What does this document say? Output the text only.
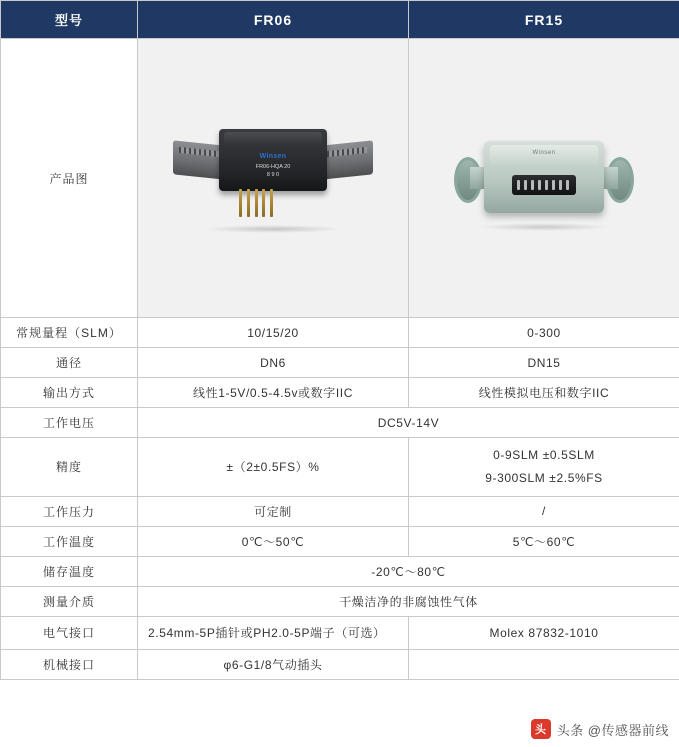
型号	FR06	FR15
产品图	Winsen
FR06-HQA 20
8 9 0	Winsen

常规量程（SLM）	10/15/20	0-300
通径	DN6	DN15
输出方式	线性1-5V/0.5-4.5v或数字IIC	线性模拟电压和数字IIC
工作电压	DC5V-14V	
精度	±（2±0.5FS）%	0-9SLM ±0.5SLM
9-300SLM ±2.5%FS

工作压力	可定制	/
工作温度	0℃～50℃	5℃～60℃
储存温度	-20℃～80℃	
测量介质	干燥洁净的非腐蚀性气体	
电气接口	2.54mm-5P插针或PH2.0-5P端子（可选）	Molex 87832-1010
机械接口	φ6-G1/8气动插头	
头 头条 @传感器前线
